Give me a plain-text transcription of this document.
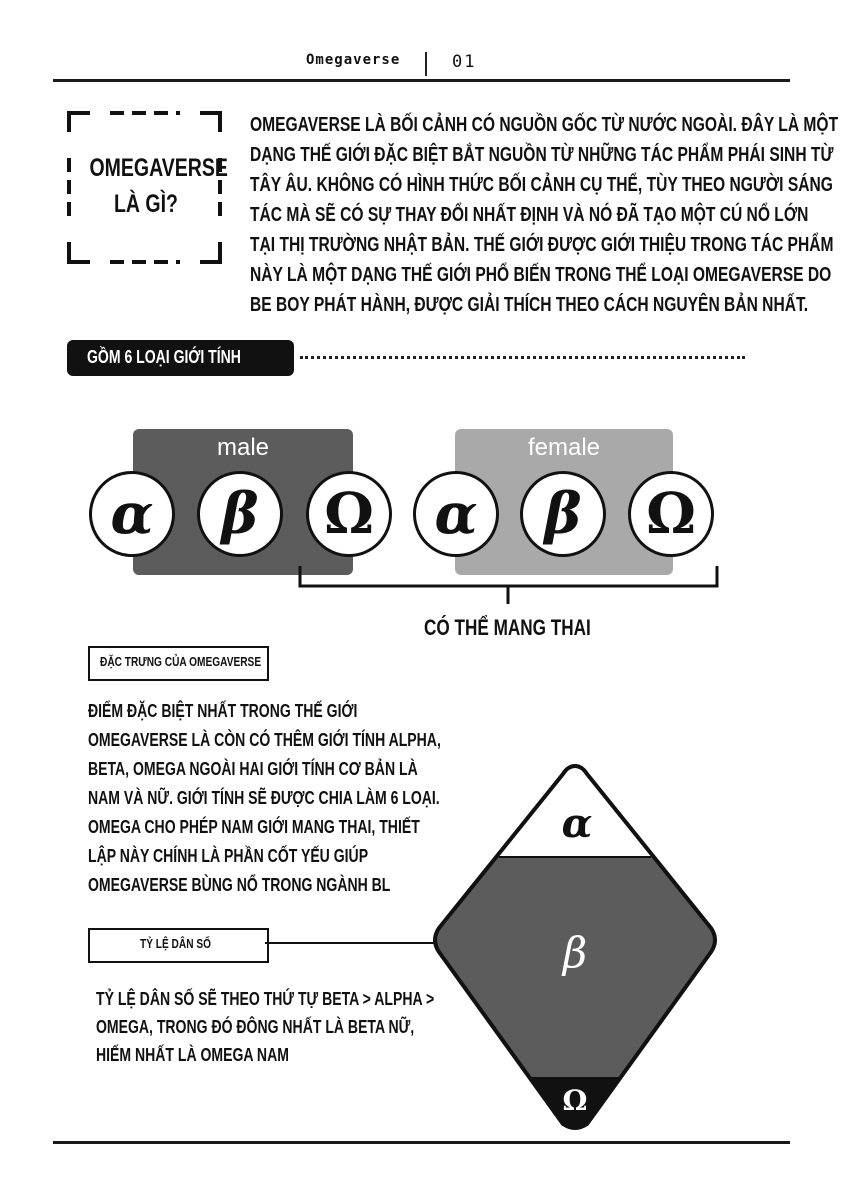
Omegaverse	01
OMEGAVERSE
LÀ GÌ?
OMEGAVERSE LÀ BỐI CẢNH CÓ NGUỒN GỐC TỪ NƯỚC NGOÀI. ĐÂY LÀ MỘT
DẠNG THẾ GIỚI ĐẶC BIỆT BẮT NGUỒN TỪ NHỮNG TÁC PHẨM PHÁI SINH TỪ
TÂY ÂU. KHÔNG CÓ HÌNH THỨC BỐI CẢNH CỤ THỂ, TÙY THEO NGƯỜI SÁNG
TÁC MÀ SẼ CÓ SỰ THAY ĐỔI NHẤT ĐỊNH VÀ NÓ ĐÃ TẠO MỘT CÚ NỔ LỚN
TẠI THỊ TRƯỜNG NHẬT BẢN. THẾ GIỚI ĐƯỢC GIỚI THIỆU TRONG TÁC PHẨM
NÀY LÀ MỘT DẠNG THẾ GIỚI PHỔ BIẾN TRONG THỂ LOẠI OMEGAVERSE DO
BE BOY PHÁT HÀNH, ĐƯỢC GIẢI THÍCH THEO CÁCH NGUYÊN BẢN NHẤT.
GỒM 6 LOẠI GIỚI TÍNH
male	female
α	β	Ω	α	β	Ω
CÓ THỂ MANG THAI
ĐẶC TRƯNG CỦA OMEGAVERSE
ĐIỂM ĐẶC BIỆT NHẤT TRONG THẾ GIỚI
OMEGAVERSE LÀ CÒN CÓ THÊM GIỚI TÍNH ALPHA,
BETA, OMEGA NGOÀI HAI GIỚI TÍNH CƠ BẢN LÀ
NAM VÀ NỮ. GIỚI TÍNH SẼ ĐƯỢC CHIA LÀM 6 LOẠI.
OMEGA CHO PHÉP NAM GIỚI MANG THAI, THIẾT
LẬP NÀY CHÍNH LÀ PHẦN CỐT YẾU GIÚP
OMEGAVERSE BÙNG NỔ TRONG NGÀNH BL
TỶ LỆ DÂN SỐ
TỶ LỆ DÂN SỐ SẼ THEO THỨ TỰ BETA > ALPHA >
OMEGA, TRONG ĐÓ ĐÔNG NHẤT LÀ BETA NỮ,
HIẾM NHẤT LÀ OMEGA NAM
α
β
Ω
